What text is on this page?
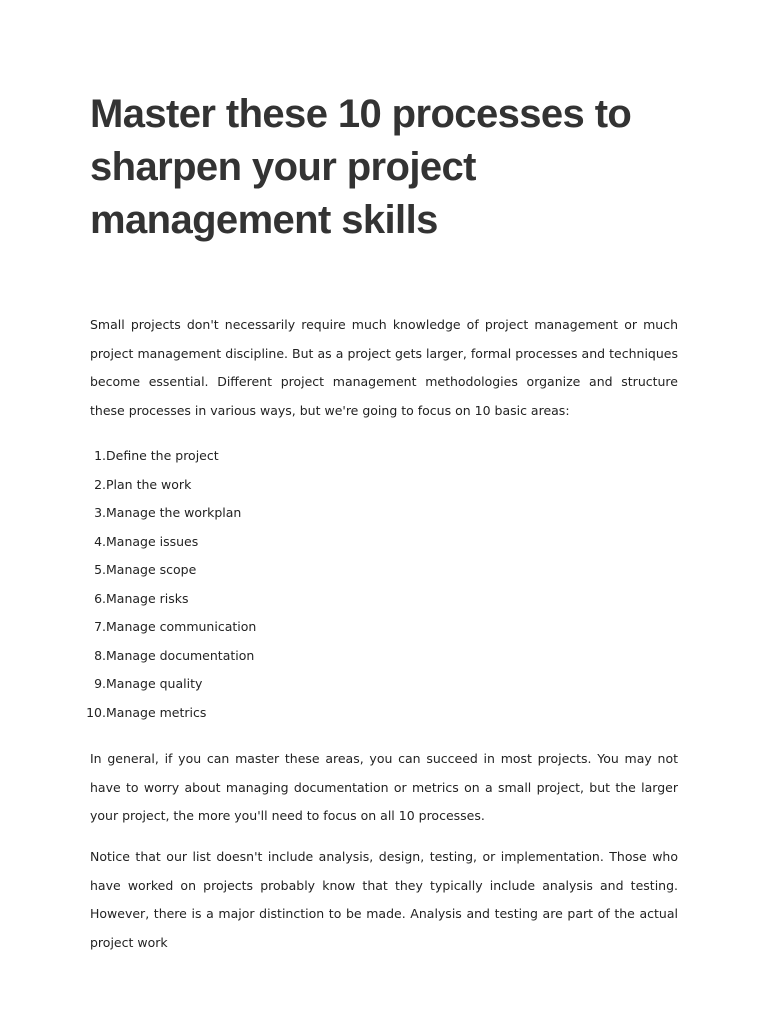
Master these 10 processes to sharpen your project management skills

Small projects don't necessarily require much knowledge of project management or much project management discipline. But as a project gets larger, formal processes and techniques become essential. Different project management methodologies organize and structure these processes in various ways, but we're going to focus on 10 basic areas:

1. Define the project
2. Plan the work
3. Manage the workplan
4. Manage issues
5. Manage scope
6. Manage risks
7. Manage communication
8. Manage documentation
9. Manage quality
10. Manage metrics

In general, if you can master these areas, you can succeed in most projects. You may not have to worry about managing documentation or metrics on a small project, but the larger your project, the more you'll need to focus on all 10 processes.

Notice that our list doesn't include analysis, design, testing, or implementation. Those who have worked on projects probably know that they typically include analysis and testing. However, there is a major distinction to be made. Analysis and testing are part of the actual project work
